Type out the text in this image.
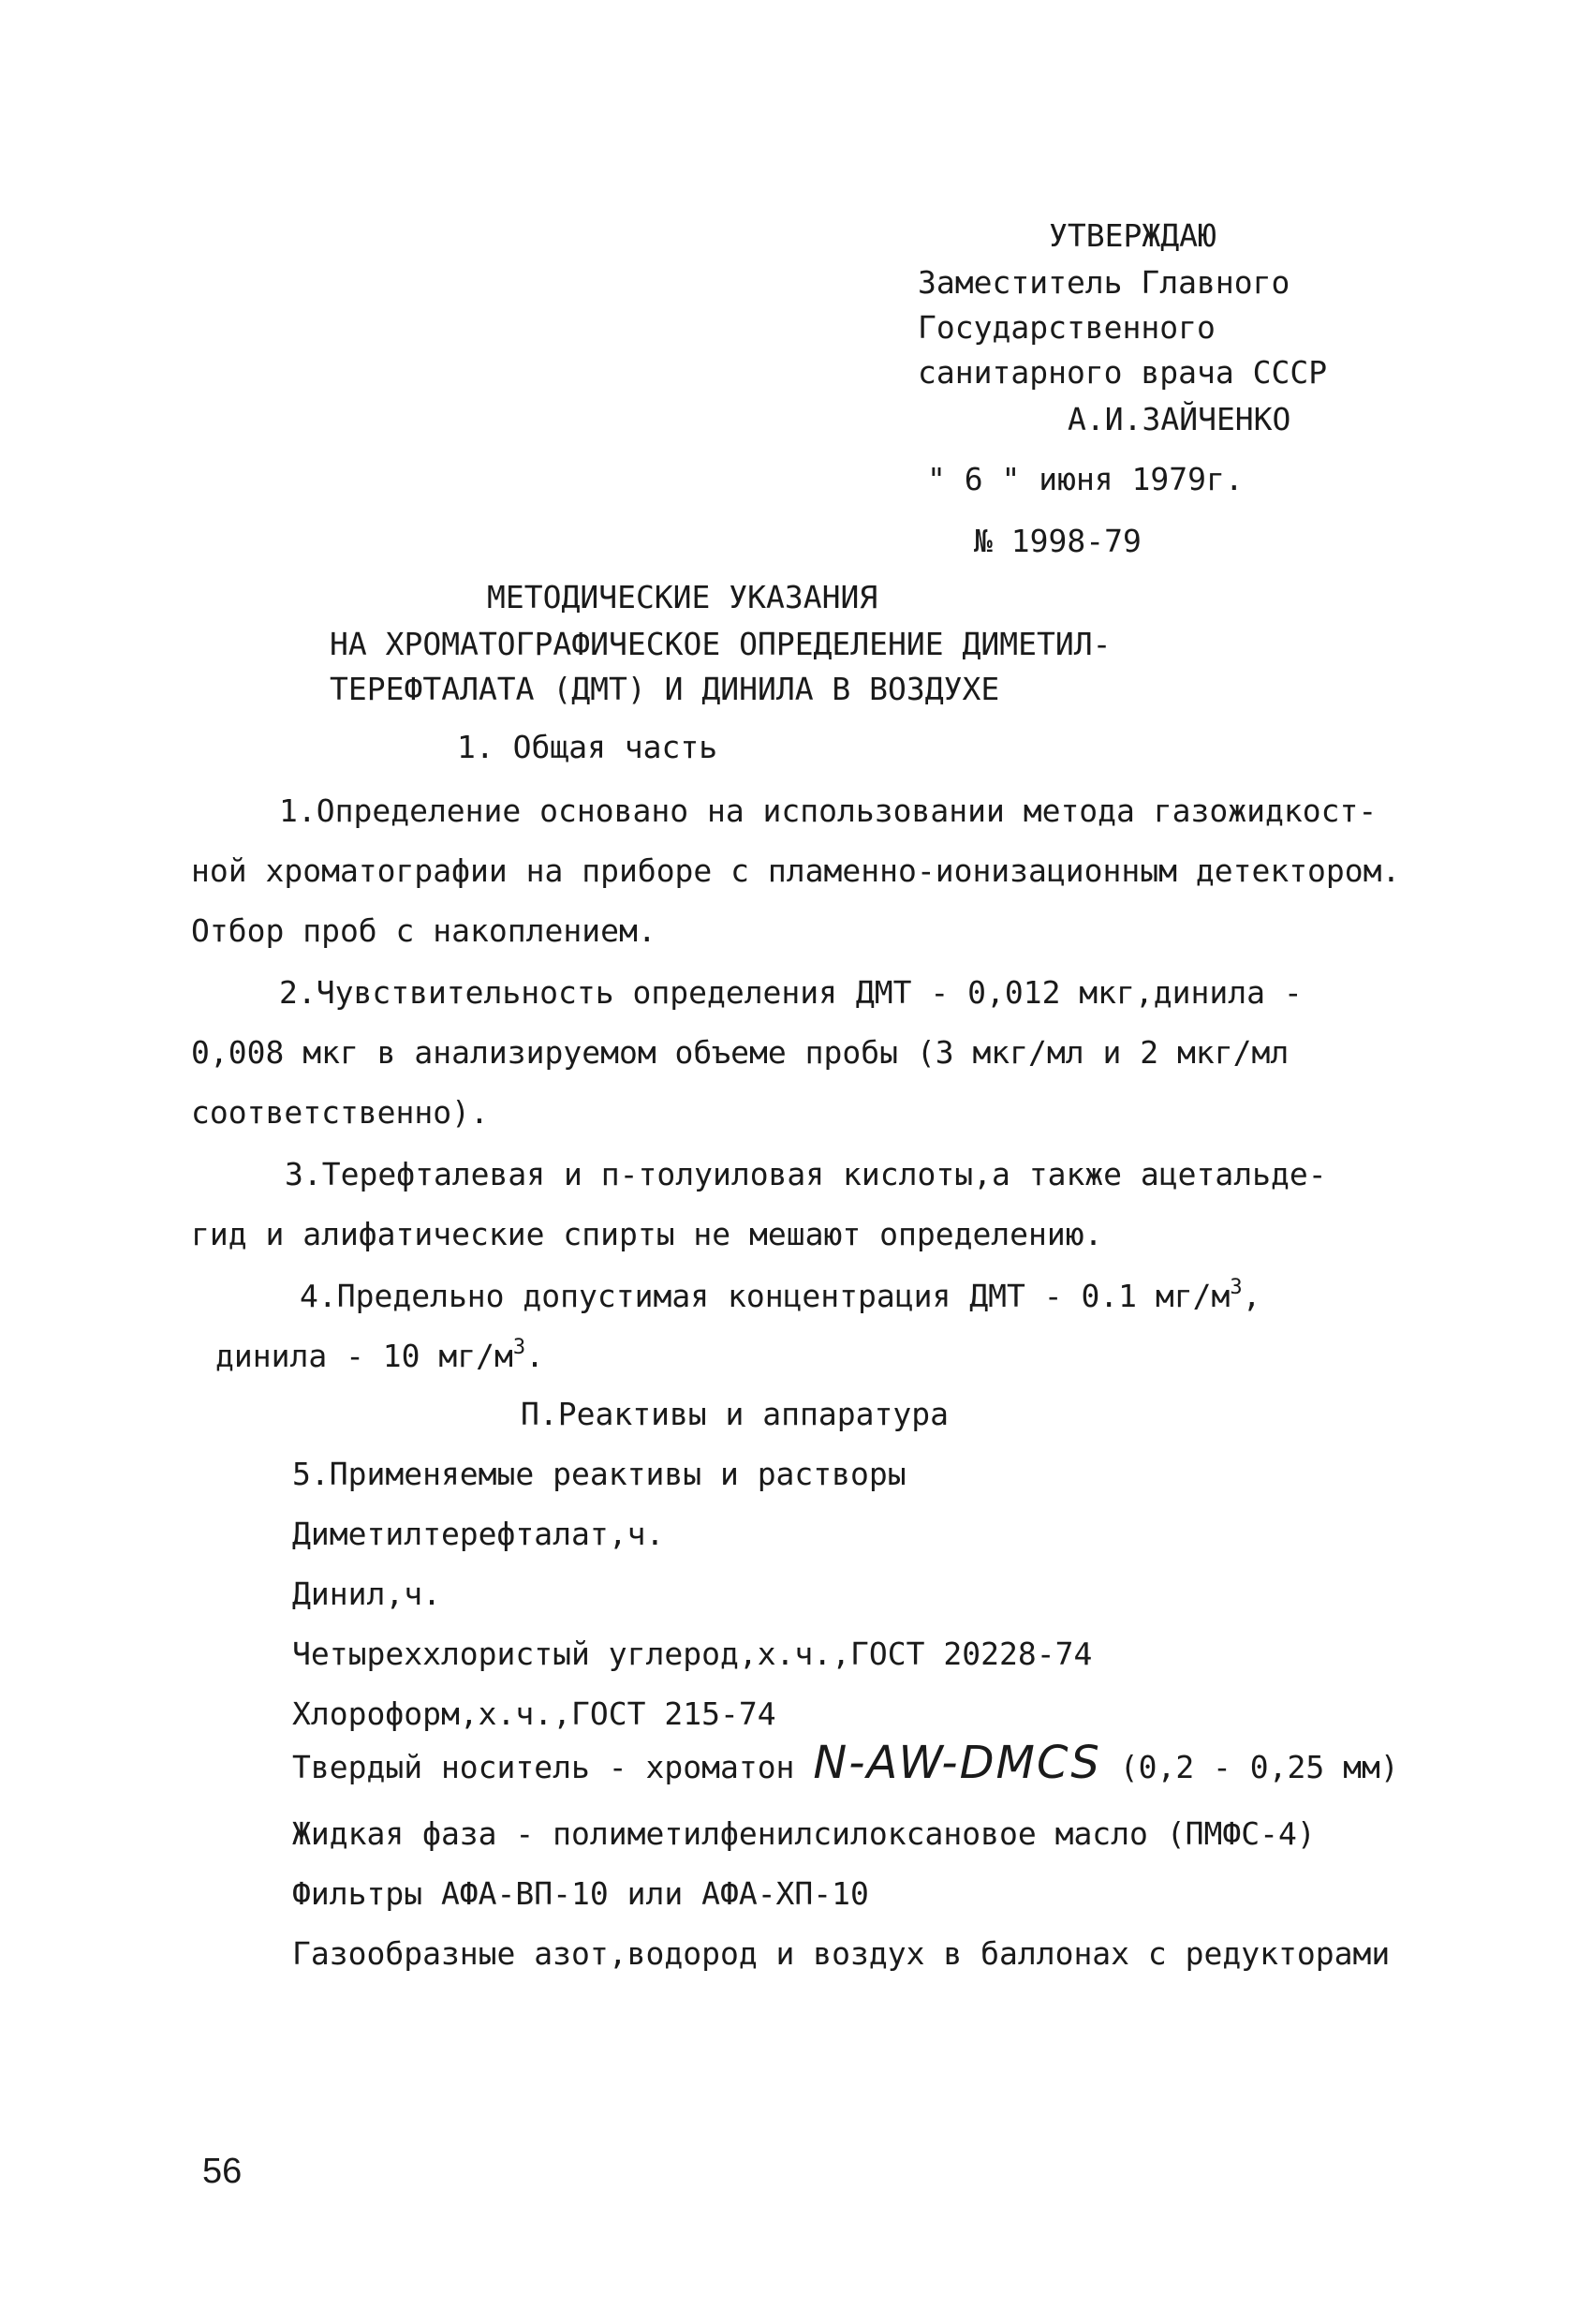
УТВЕРЖДАЮ
Заместитель Главного
Государственного
санитарного врача СССР
А.И.ЗАЙЧЕНКО
" 6 " июня 1979г.
№ 1998-79
МЕТОДИЧЕСКИЕ УКАЗАНИЯ
НА ХРОМАТОГРАФИЧЕСКОЕ ОПРЕДЕЛЕНИЕ ДИМЕТИЛ-
ТЕРЕФТАЛАТА (ДМТ) И ДИНИЛА В ВОЗДУХЕ
1. Общая часть
1.Определение основано на использовании метода газожидкост-
ной хроматографии на приборе с пламенно-ионизационным детектором.
Отбор проб с накоплением.
2.Чувствительность определения ДМТ - 0,012 мкг,динила -
0,008 мкг в анализируемом объеме пробы (3 мкг/мл и 2 мкг/мл
соответственно).
3.Терефталевая и п-толуиловая кислоты,а также ацетальде-
гид и алифатические спирты не мешают определению.
4.Предельно допустимая концентрация ДМТ - 0.1 $мг/м^3$,
динила - 10 $мг/м^3$.
П.Реактивы и аппаратура
5.Применяемые реактивы и растворы
Диметилтерефталат,ч.
Динил,ч.
Четыреххлористый углерод,х.ч.,ГОСТ 20228-74
Хлороформ,х.ч.,ГОСТ 215-74
Твердый носитель - хроматон N-AW-DMCS (0,2 - 0,25 мм)
Жидкая фаза - полиметилфенилсилоксановое масло (ПМФС-4)
Фильтры АФА-ВП-10 или АФА-ХП-10
Газообразные азот,водород и воздух в баллонах с редукторами
56
